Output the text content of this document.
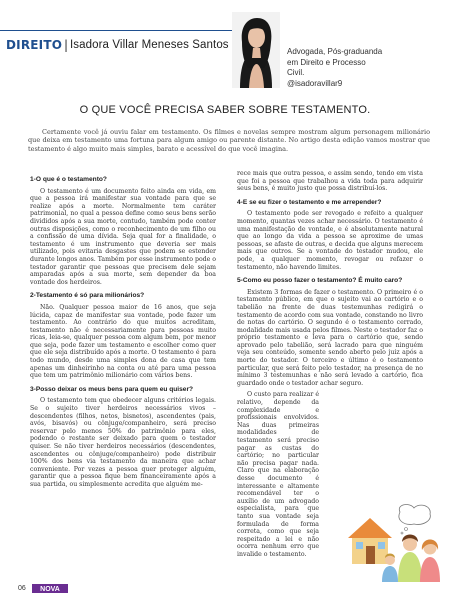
DIREITO | Isadora Villar Meneses Santos
Advogada, Pós-graduanda
em Direito e Processo
Civil.

@isadoravillar9
O QUE VOCÊ PRECISA SABER SOBRE TESTAMENTO.

Certamente você já ouviu falar em testamento. Os filmes e novelas sempre mostram algum personagem milionário que deixa em testamento uma fortuna para algum amigo ou parente distante. No artigo desta edição vamos mostrar que testamento é algo muito mais simples, barato e acessível do que você imagina.

1-O que é o testamento?

O testamento é um documento feito ainda em vida, em que a pessoa irá manifestar sua vontade para que se realize após a morte. Normalmente tem caráter patrimonial, no qual a pessoa define como seus bens serão divididos após a sua morte, contudo, também pode conter outras disposições, como o reconhecimento de um filho ou a confissão de uma dívida. Seja qual for a finalidade, o testamento é um instrumento que deveria ser mais utilizado, pois evitaria desgastes que podem se estender durante longos anos. Também por esse instrumento pode o testador garantir que pessoas que precisem dele sejam amparadas após a sua morte, sem depender da boa vontade dos herdeiros.

2-Testamento é só para milionários?

Não. Qualquer pessoa maior de 16 anos, que seja lúcida, capaz de manifestar sua vontade, pode fazer um testamento. Ao contrário do que muitos acreditam, testamento não é necessariamente para pessoas muito ricas, leia-se, qualquer pessoa com algum bem, por menor que seja, pode fazer um testamento e escolher como quer que ele seja distribuído após a morte. O testamento é para todo mundo, desde uma simples dona de casa que tem apenas um dinheirinho na conta ou até para uma pessoa que tem um patrimônio milionário com vários bens.

3-Posso deixar os meus bens para quem eu quiser?

O testamento tem que obedecer alguns critérios legais. Se o sujeito tiver herdeiros necessários vivos – descendentes (filhos, netos, bisnetos), ascendentes (pais, avós, bisavós) ou cônjuge/companheiro, será preciso reservar pelo menos 50% do patrimônio para eles, podendo o restante ser deixado para quem o testador quiser. Se não tiver herdeiros necessários (descendentes, ascendentes ou cônjuge/companheiro) pode distribuir 100% dos bens via testamento da maneira que achar conveniente. Por vezes a pessoa quer proteger alguém, garantir que a pessoa fique bem financeiramente após a sua partida, ou simplesmente acredita que alguém me-

rece mais que outra pessoa, e assim sendo, tendo em vista que foi a pessoa que trabalhou a vida toda para adquirir seus bens, é muito justo que possa distribuí-los.

4-E se eu fizer o testamento e me arrepender?

O testamento pode ser revogado e refeito a qualquer momento, quantas vezes achar necessário. O testamento é uma manifestação de vontade, e é absolutamente natural que ao longo da vida a pessoa se aproxime de umas pessoas, se afaste de outras, e decida que alguns merecem mais que outros. Se a vontade do testador mudou, ele pode, a qualquer momento, revogar ou refazer o testamento, não havendo limites.

5-Como eu posso fazer o testamento? É muito caro?

Existem 3 formas de fazer o testamento. O primeiro é o testamento público, em que o sujeito vai ao cartório e o tabelião na frente de duas testemunhas redigirá o testamento de acordo com sua vontade, constando no livro de notas do cartório. O segundo é o testamento cerrado, modalidade mais usada pelos filmes. Neste o testador faz o próprio testamento e leva para o cartório que, sendo aprovado pelo tabelião, será lacrado para que ninguém veja seu conteúdo, somente sendo aberto pelo juiz após a morte do testador. O terceiro e último é o testamento particular, que será feito pelo testador, na presença de no mínimo 3 testemunhas e não será levado a cartório, fica guardado onde o testador achar seguro.

O custo para realizar é relativo, depende da complexidade e profissionais envolvidos. Nas duas primeiras modalidades de testamento será preciso pagar as custas do cartório; no particular não precisa pagar nada. Claro que na elaboração desse documento é interessante e altamente recomendável ter o auxílio de um advogado especialista, para que tanto sua vontade seja formulada de forma correta, como que seja respeitado a lei e não ocorra nenhum erro que invalide o testamento.

06 NOVA
